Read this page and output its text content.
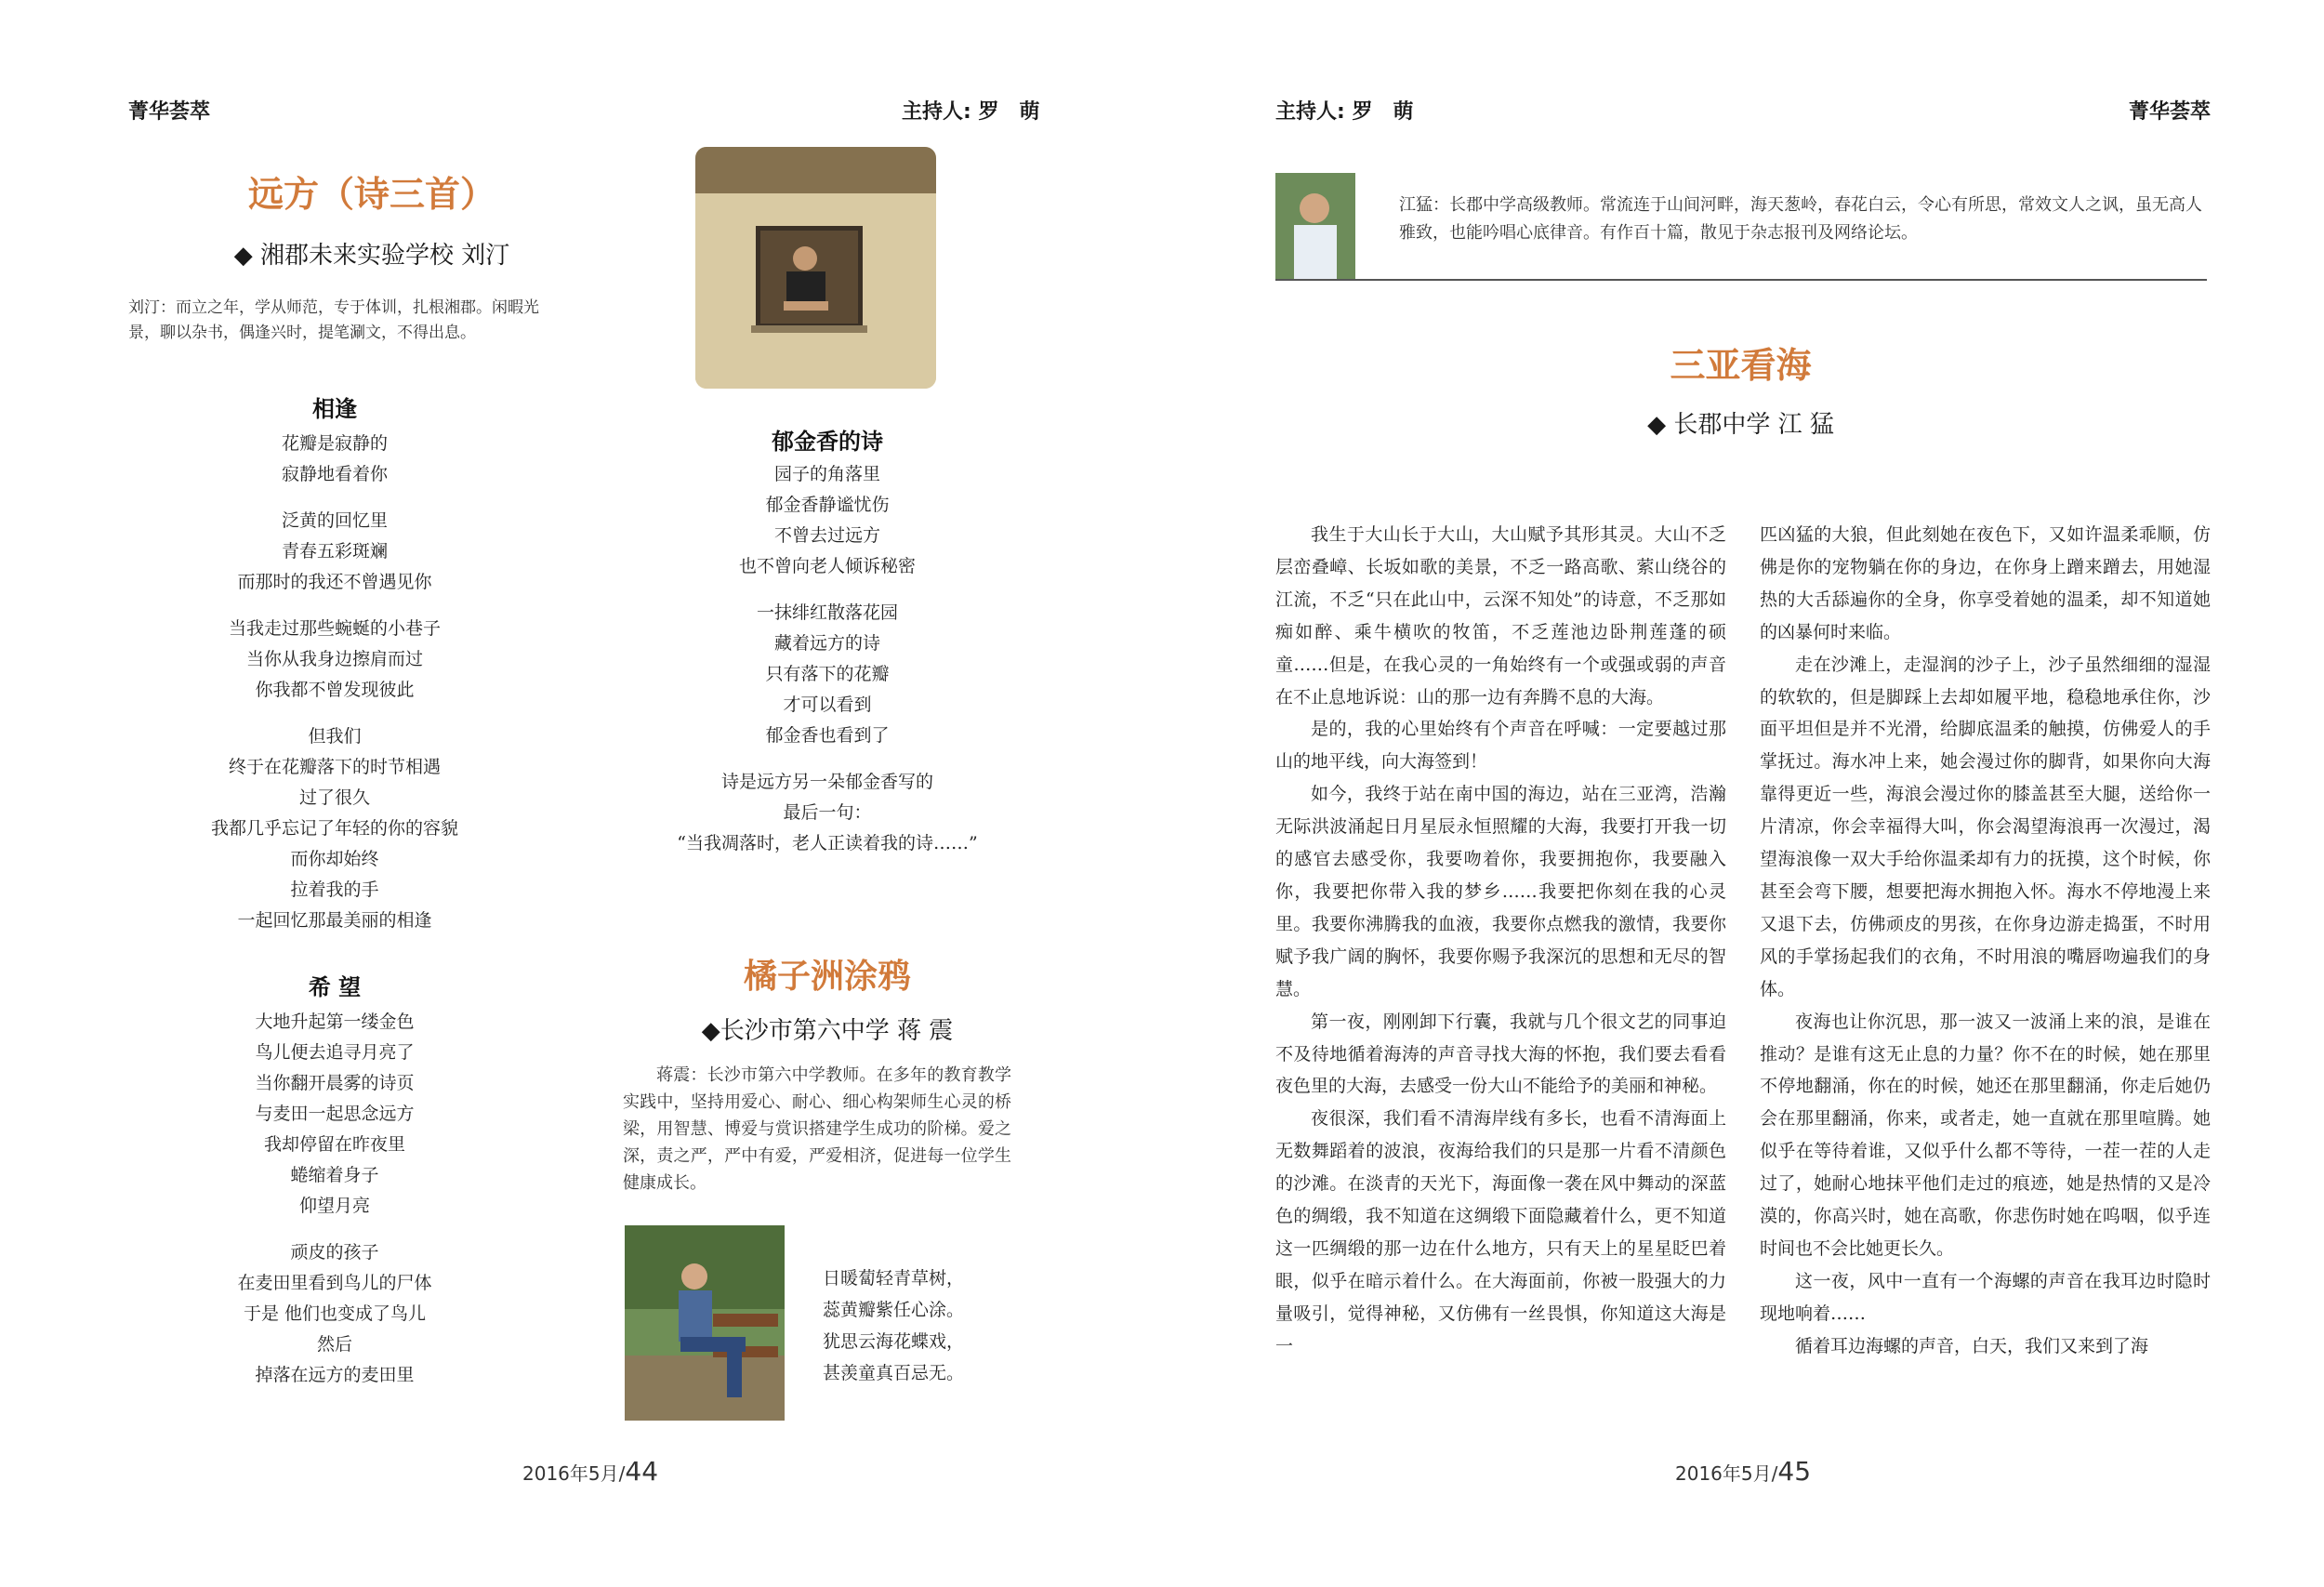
菁华荟萃	主持人: 罗　萌
远方（诗三首）
◆ 湘郡未来实验学校 刘汀
刘汀：而立之年，学从师范，专于体训，扎根湘郡。闲暇光景，聊以杂书，偶逢兴时，提笔涮文，不得出息。
相逢
花瓣是寂静的
寂静地看着你
泛黄的回忆里
青春五彩斑斓
而那时的我还不曾遇见你
当我走过那些蜿蜒的小巷子
当你从我身边擦肩而过
你我都不曾发现彼此
但我们
终于在花瓣落下的时节相遇
过了很久
我都几乎忘记了年轻的你的容貌
而你却始终
拉着我的手
一起回忆那最美丽的相逢
希 望
大地升起第一缕金色
鸟儿便去追寻月亮了
当你翻开晨雾的诗页
与麦田一起思念远方
我却停留在昨夜里
蜷缩着身子
仰望月亮
顽皮的孩子
在麦田里看到鸟儿的尸体
于是 他们也变成了鸟儿
然后
掉落在远方的麦田里
郁金香的诗
园子的角落里
郁金香静谧忧伤
不曾去过远方
也不曾向老人倾诉秘密
一抹绯红散落花园
藏着远方的诗
只有落下的花瓣
才可以看到
郁金香也看到了
诗是远方另一朵郁金香写的
最后一句：
“当我凋落时，老人正读着我的诗……”
橘子洲涂鸦
◆长沙市第六中学 蒋 震
蒋震：长沙市第六中学教师。在多年的教育教学实践中，坚持用爱心、耐心、细心构架师生心灵的桥梁，用智慧、博爱与赏识搭建学生成功的阶梯。爱之深，责之严，严中有爱，严爱相济，促进每一位学生健康成长。
日暖蔔轻青草树，
蕊黄瓣紫任心涂。
犹思云海花蝶戏，
甚羡童真百忌无。
2016年5月/44
主持人: 罗　萌	菁华荟萃
江猛：长郡中学高级教师。常流连于山间河畔，海天葱岭，春花白云，令心有所思，常效文人之讽，虽无高人雅致，也能吟唱心底律音。有作百十篇，散见于杂志报刊及网络论坛。
三亚看海
◆ 长郡中学 江 猛

我生于大山长于大山，大山赋予其形其灵。大山不乏层峦叠嶂、长坂如歌的美景，不乏一路高歌、萦山绕谷的江流，不乏“只在此山中，云深不知处”的诗意，不乏那如痴如醉、乘牛横吹的牧笛，不乏莲池边卧荆莲蓬的硕童……但是，在我心灵的一角始终有一个或强或弱的声音在不止息地诉说：山的那一边有奔腾不息的大海。

是的，我的心里始终有个声音在呼喊：一定要越过那山的地平线，向大海签到！

如今，我终于站在南中国的海边，站在三亚湾，浩瀚无际洪波涌起日月星辰永恒照耀的大海，我要打开我一切的感官去感受你，我要吻着你，我要拥抱你，我要融入你，我要把你带入我的梦乡……我要把你刻在我的心灵里。我要你沸腾我的血液，我要你点燃我的激情，我要你赋予我广阔的胸怀，我要你赐予我深沉的思想和无尽的智慧。

第一夜，刚刚卸下行囊，我就与几个很文艺的同事迫不及待地循着海涛的声音寻找大海的怀抱，我们要去看看夜色里的大海，去感受一份大山不能给予的美丽和神秘。

夜很深，我们看不清海岸线有多长，也看不清海面上无数舞蹈着的波浪，夜海给我们的只是那一片看不清颜色的沙滩。在淡青的天光下，海面像一袭在风中舞动的深蓝色的绸缎，我不知道在这绸缎下面隐藏着什么，更不知道这一匹绸缎的那一边在什么地方，只有天上的星星眨巴着眼，似乎在暗示着什么。在大海面前，你被一股强大的力量吸引，觉得神秘，又仿佛有一丝畏惧，你知道这大海是一

匹凶猛的大狼，但此刻她在夜色下，又如许温柔乖顺，仿佛是你的宠物躺在你的身边，在你身上蹭来蹭去，用她湿热的大舌舔遍你的全身，你享受着她的温柔，却不知道她的凶暴何时来临。

走在沙滩上，走湿润的沙子上，沙子虽然细细的湿湿的软软的，但是脚踩上去却如履平地，稳稳地承住你，沙面平坦但是并不光滑，给脚底温柔的触摸，仿佛爱人的手掌抚过。海水冲上来，她会漫过你的脚背，如果你向大海靠得更近一些，海浪会漫过你的膝盖甚至大腿，送给你一片清凉，你会幸福得大叫，你会渴望海浪再一次漫过，渴望海浪像一双大手给你温柔却有力的抚摸，这个时候，你甚至会弯下腰，想要把海水拥抱入怀。海水不停地漫上来又退下去，仿佛顽皮的男孩，在你身边游走捣蛋，不时用风的手掌扬起我们的衣角，不时用浪的嘴唇吻遍我们的身体。

夜海也让你沉思，那一波又一波涌上来的浪，是谁在推动？是谁有这无止息的力量？你不在的时候，她在那里不停地翻涌，你在的时候，她还在那里翻涌，你走后她仍会在那里翻涌，你来，或者走，她一直就在那里喧腾。她似乎在等待着谁，又似乎什么都不等待，一茬一茬的人走过了，她耐心地抹平他们走过的痕迹，她是热情的又是冷漠的，你高兴时，她在高歌，你悲伤时她在呜咽，似乎连时间也不会比她更长久。

这一夜，风中一直有一个海螺的声音在我耳边时隐时现地响着……

循着耳边海螺的声音，白天，我们又来到了海

2016年5月/45
